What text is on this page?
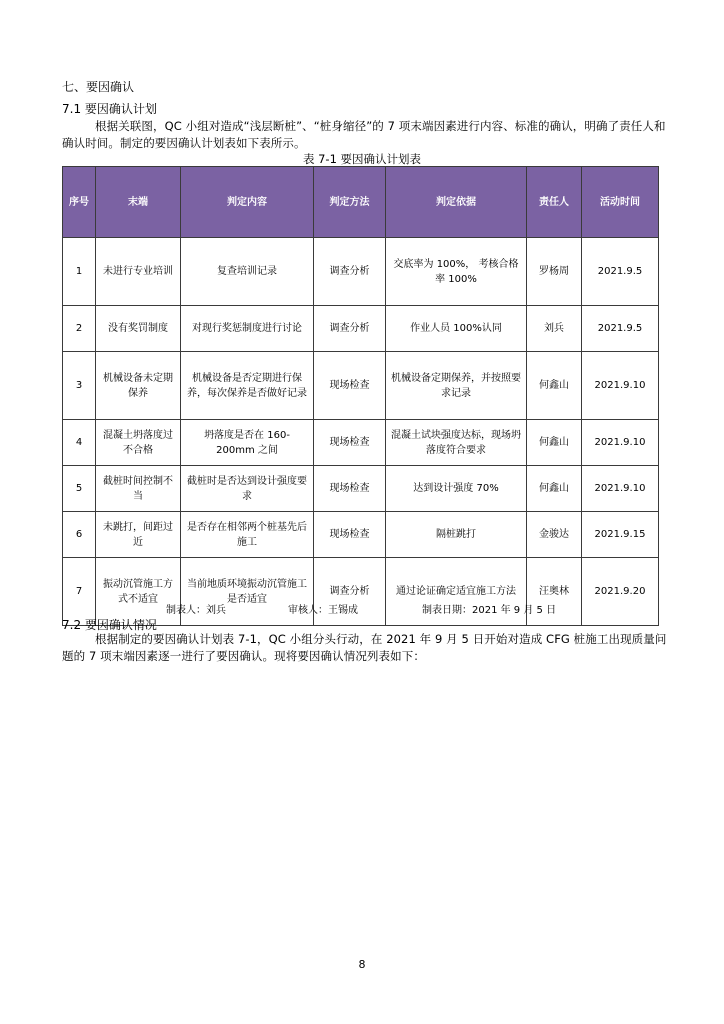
七、要因确认
7.1 要因确认计划
根据关联图，QC 小组对造成“浅层断桩”、“桩身缩径”的 7 项末端因素进行内容、标准的确认，明确了责任人和确认时间。制定的要因确认计划表如下表所示。
表 7-1 要因确认计划表
序号	末端	判定内容	判定方法	判定依据	责任人	活动时间
1	未进行专业培训	复查培训记录	调查分析	交底率为 100%， 考核合格率 100%	罗杨周	2021.9.5
2	没有奖罚制度	对现行奖惩制度进行讨论	调查分析	作业人员 100%认同	刘兵	2021.9.5
3	机械设备未定期保养	机械设备是否定期进行保养，每次保养是否做好记录	现场检查	机械设备定期保养，并按照要求记录	何鑫山	2021.9.10
4	混凝土坍落度过不合格	坍落度是否在 160-200mm 之间	现场检查	混凝土试块强度达标，现场坍落度符合要求	何鑫山	2021.9.10
5	截桩时间控制不当	截桩时是否达到设计强度要求	现场检查	达到设计强度 70%	何鑫山	2021.9.10
6	未跳打，间距过近	是否存在相邻两个桩基先后施工	现场检查	隔桩跳打	金骏达	2021.9.15
7	振动沉管施工方式不适宜	当前地质环境振动沉管施工是否适宜	调查分析	通过论证确定适宜施工方法	汪奥林	2021.9.20
制表人：刘兵	审核人：王锡成	制表日期：2021 年 9 月 5 日
7.2 要因确认情况
根据制定的要因确认计划表 7-1，QC 小组分头行动，在 2021 年 9 月 5 日开始对造成 CFG 桩施工出现质量问题的 7 项末端因素逐一进行了要因确认。现将要因确认情况列表如下：
8
